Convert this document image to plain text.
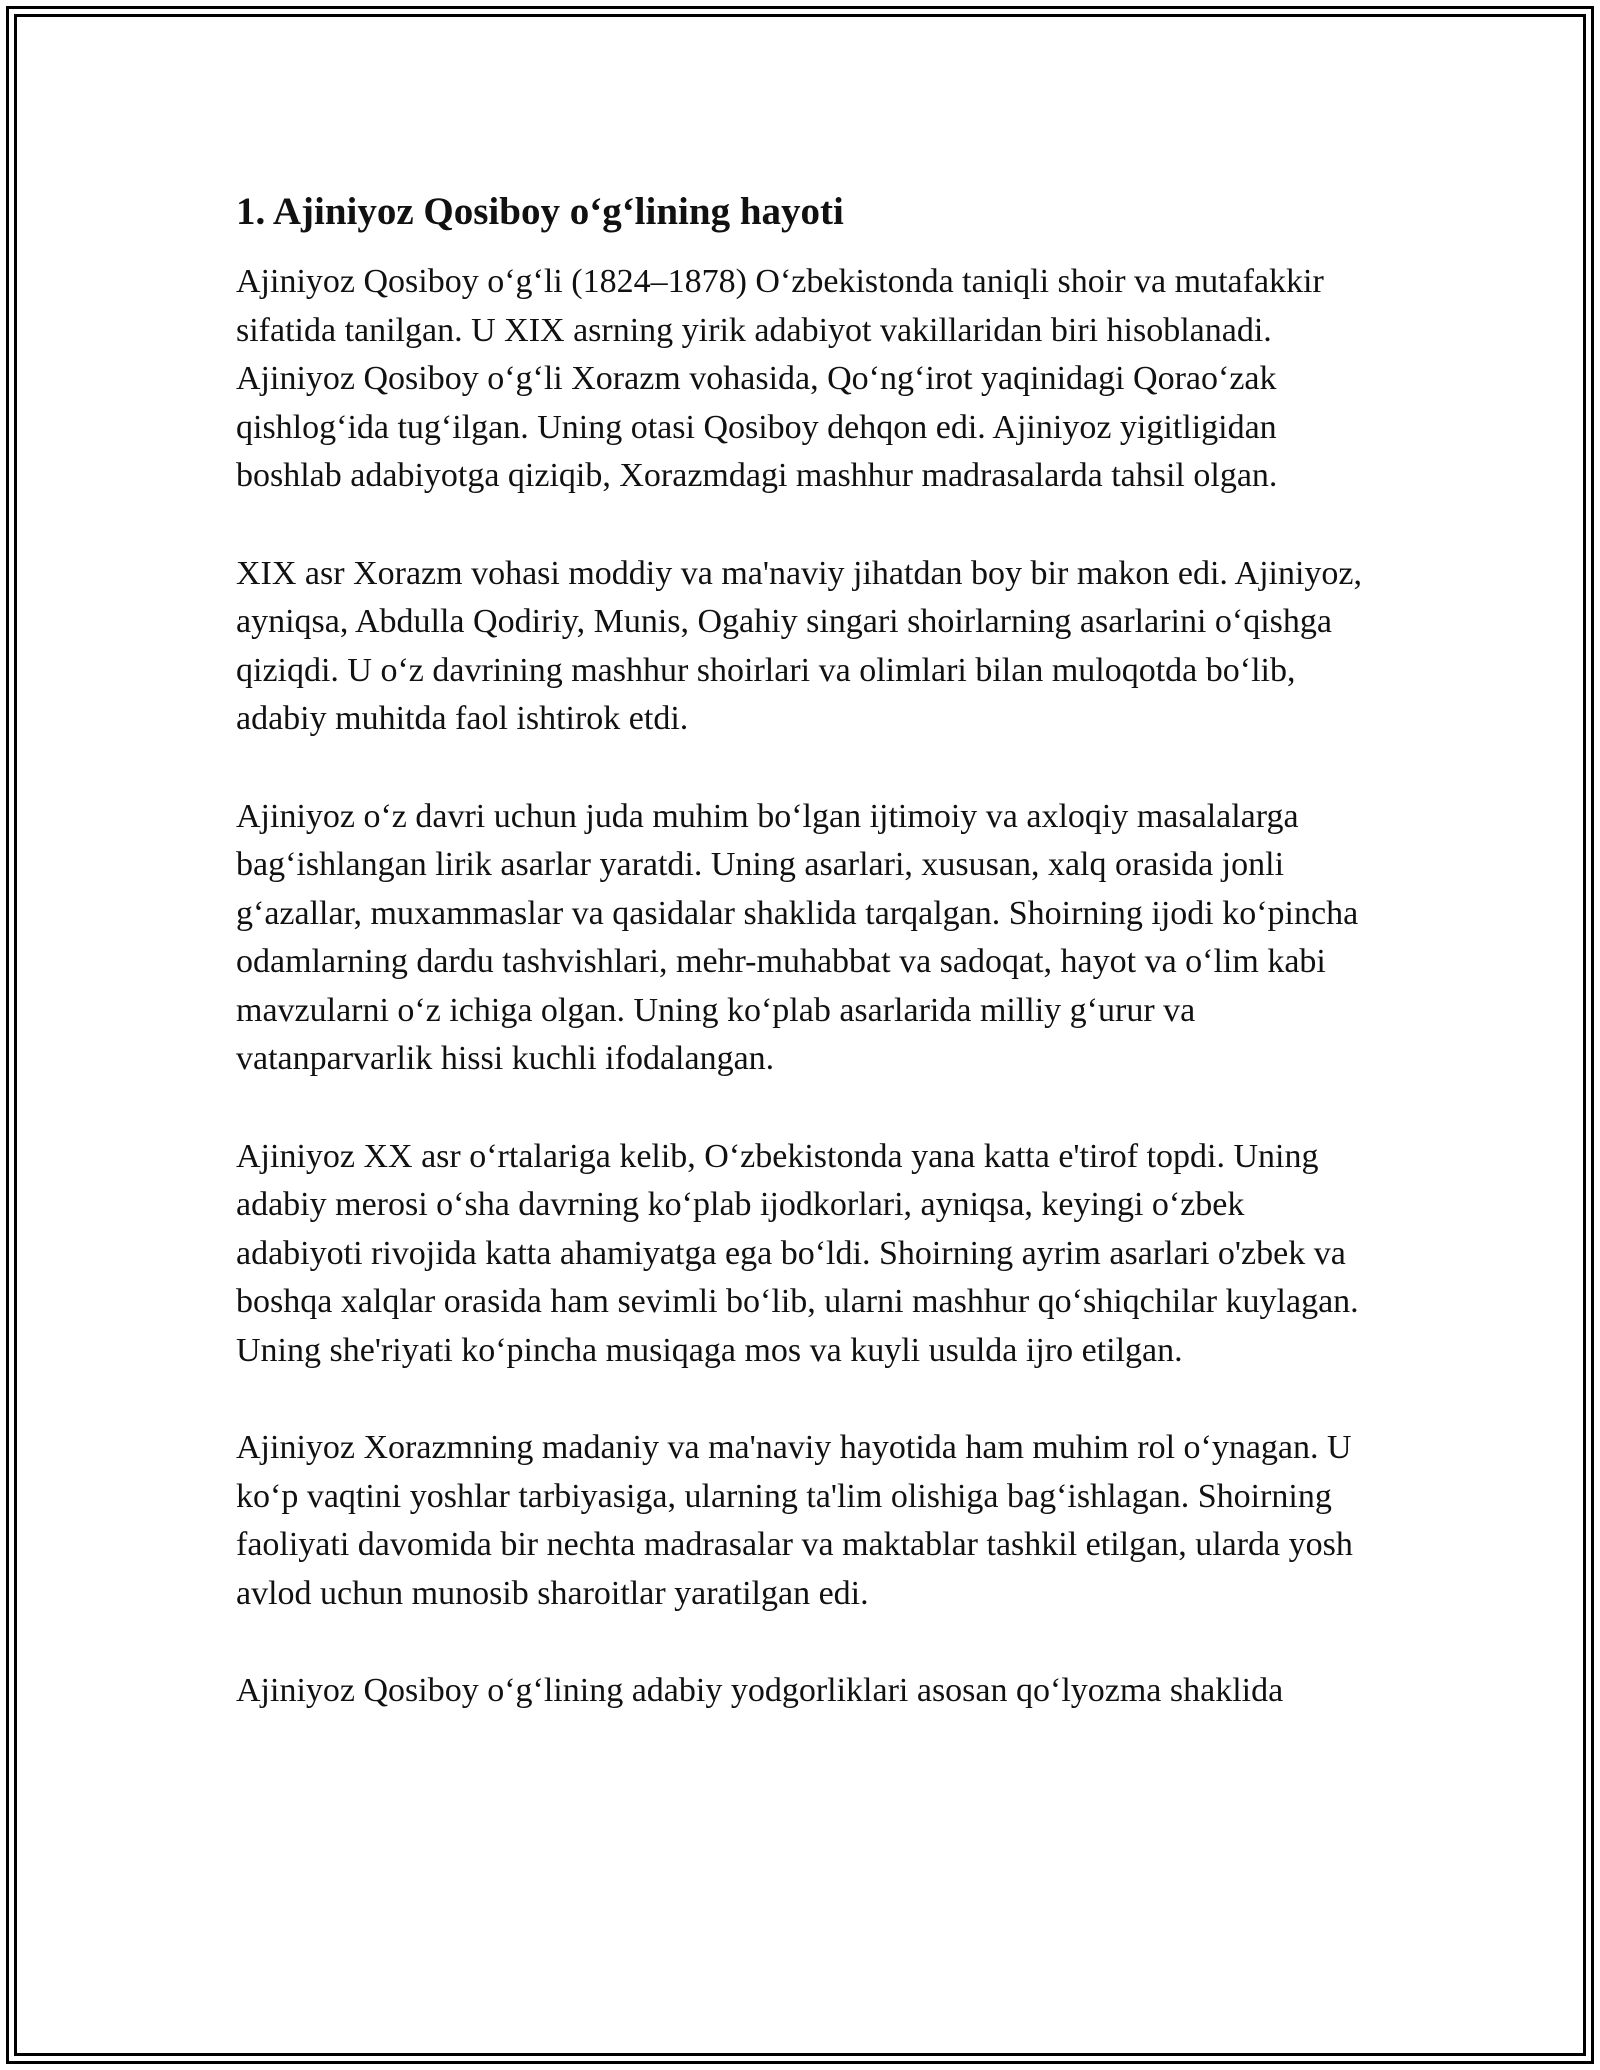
1. Ajiniyoz Qosiboy o‘g‘lining hayoti

Ajiniyoz Qosiboy o‘g‘li (1824–1878) O‘zbekistonda taniqli shoir va mutafakkir sifatida tanilgan. U XIX asrning yirik adabiyot vakillaridan biri hisoblanadi. Ajiniyoz Qosiboy o‘g‘li Xorazm vohasida, Qo‘ng‘irot yaqinidagi Qorao‘zak qishlog‘ida tug‘ilgan. Uning otasi Qosiboy dehqon edi. Ajiniyoz yigitligidan boshlab adabiyotga qiziqib, Xorazmdagi mashhur madrasalarda tahsil olgan.

XIX asr Xorazm vohasi moddiy va ma'naviy jihatdan boy bir makon edi. Ajiniyoz, ayniqsa, Abdulla Qodiriy, Munis, Ogahiy singari shoirlarning asarlarini o‘qishga qiziqdi. U o‘z davrining mashhur shoirlari va olimlari bilan muloqotda bo‘lib, adabiy muhitda faol ishtirok etdi.

Ajiniyoz o‘z davri uchun juda muhim bo‘lgan ijtimoiy va axloqiy masalalarga bag‘ishlangan lirik asarlar yaratdi. Uning asarlari, xususan, xalq orasida jonli g‘azallar, muxammaslar va qasidalar shaklida tarqalgan. Shoirning ijodi ko‘pincha odamlarning dardu tashvishlari, mehr-muhabbat va sadoqat, hayot va o‘lim kabi mavzularni o‘z ichiga olgan. Uning ko‘plab asarlarida milliy g‘urur va vatanparvarlik hissi kuchli ifodalangan.

Ajiniyoz XX asr o‘rtalariga kelib, O‘zbekistonda yana katta e'tirof topdi. Uning adabiy merosi o‘sha davrning ko‘plab ijodkorlari, ayniqsa, keyingi o‘zbek adabiyoti rivojida katta ahamiyatga ega bo‘ldi. Shoirning ayrim asarlari o'zbek va boshqa xalqlar orasida ham sevimli bo‘lib, ularni mashhur qo‘shiqchilar kuylagan. Uning she'riyati ko‘pincha musiqaga mos va kuyli usulda ijro etilgan.

Ajiniyoz Xorazmning madaniy va ma'naviy hayotida ham muhim rol o‘ynagan. U ko‘p vaqtini yoshlar tarbiyasiga, ularning ta'lim olishiga bag‘ishlagan. Shoirning faoliyati davomida bir nechta madrasalar va maktablar tashkil etilgan, ularda yosh avlod uchun munosib sharoitlar yaratilgan edi.

Ajiniyoz Qosiboy o‘g‘lining adabiy yodgorliklari asosan qo‘lyozma shaklida
